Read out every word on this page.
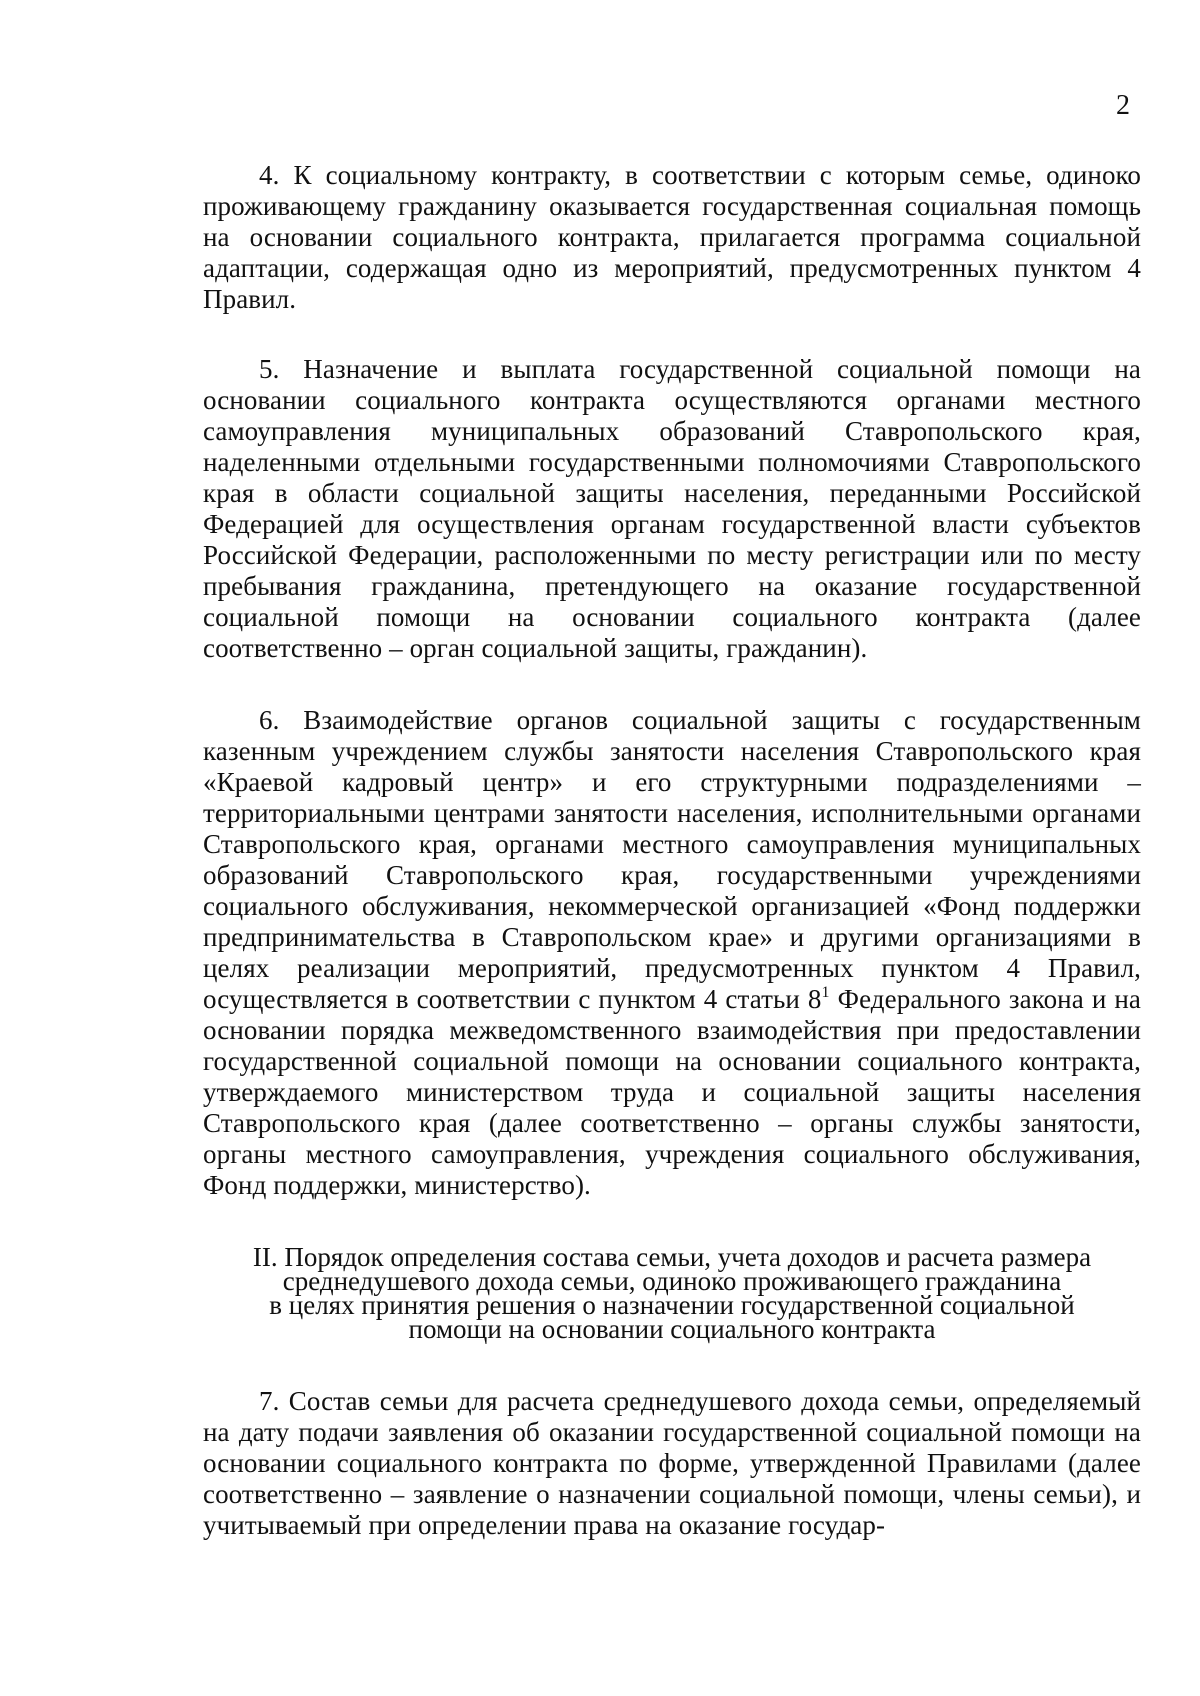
2

4. К социальному контракту, в соответствии с которым семье, одиноко проживающему гражданину оказывается государственная социальная помощь на основании социального контракта, прилагается программа социальной адаптации, содержащая одно из мероприятий, предусмотренных пунктом 4 Правил.

5. Назначение и выплата государственной социальной помощи на основании социального контракта осуществляются органами местного самоуправления муниципальных образований Ставропольского края, наделенными отдельными государственными полномочиями Ставропольского края в области социальной защиты населения, переданными Российской Федерацией для осуществления органам государственной власти субъектов Российской Федерации, расположенными по месту регистрации или по месту пребывания гражданина, претендующего на оказание государственной социальной помощи на основании социального контракта (далее соответственно – орган социальной защиты, гражданин).

6. Взаимодействие органов социальной защиты с государственным казенным учреждением службы занятости населения Ставропольского края «Краевой кадровый центр» и его структурными подразделениями – территориальными центрами занятости населения, исполнительными органами Ставропольского края, органами местного самоуправления муниципальных образований Ставропольского края, государственными учреждениями социального обслуживания, некоммерческой организацией «Фонд поддержки предпринимательства в Ставропольском крае» и другими организациями в целях реализации мероприятий, предусмотренных пунктом 4 Правил, осуществляется в соответствии с пунктом 4 статьи $8^1$ Федерального закона и на основании порядка межведомственного взаимодействия при предоставлении государственной социальной помощи на основании социального контракта, утверждаемого министерством труда и социальной защиты населения Ставропольского края (далее соответственно – органы службы занятости, органы местного самоуправления, учреждения социального обслуживания, Фонд поддержки, министерство).

II. Порядок определения состава семьи, учета доходов и расчета размера
среднедушевого дохода семьи, одиноко проживающего гражданина
в целях принятия решения о назначении государственной социальной
помощи на основании социального контракта

7. Состав семьи для расчета среднедушевого дохода семьи, определяемый на дату подачи заявления об оказании государственной социальной помощи на основании социального контракта по форме, утвержденной Правилами (далее соответственно – заявление о назначении социальной помощи, члены семьи), и учитываемый при определении права на оказание государ-
